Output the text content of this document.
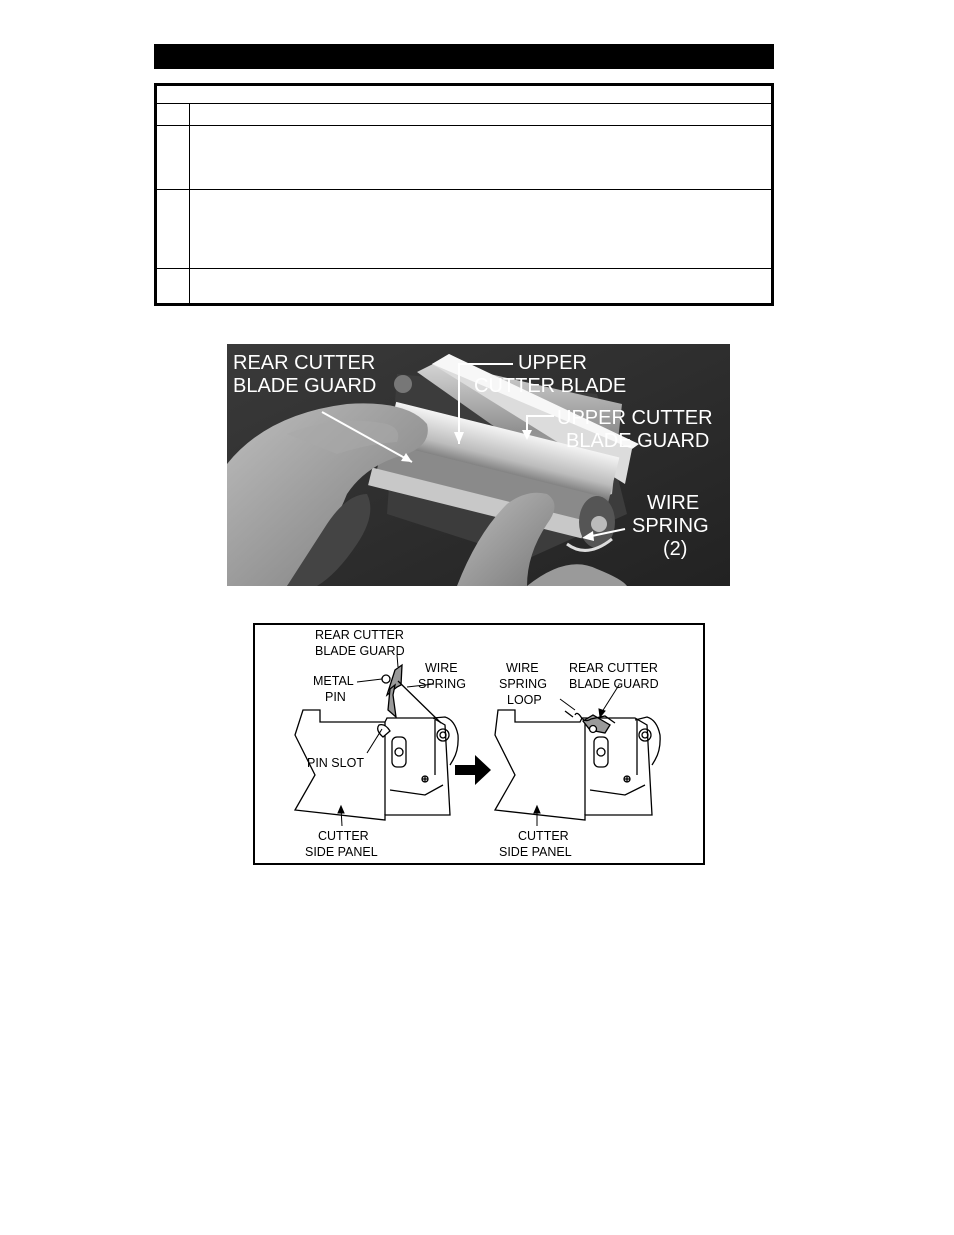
REAR CUTTER
BLADE GUARD
UPPER
CUTTER BLADE
UPPER CUTTER
BLADE GUARD
WIRE
SPRING
(2)
REAR CUTTER
BLADE GUARD
METAL
PIN
WIRE
SPRING
PIN SLOT
CUTTER
SIDE PANEL
WIRE
SPRING
LOOP
REAR CUTTER
BLADE GUARD
CUTTER
SIDE PANEL
